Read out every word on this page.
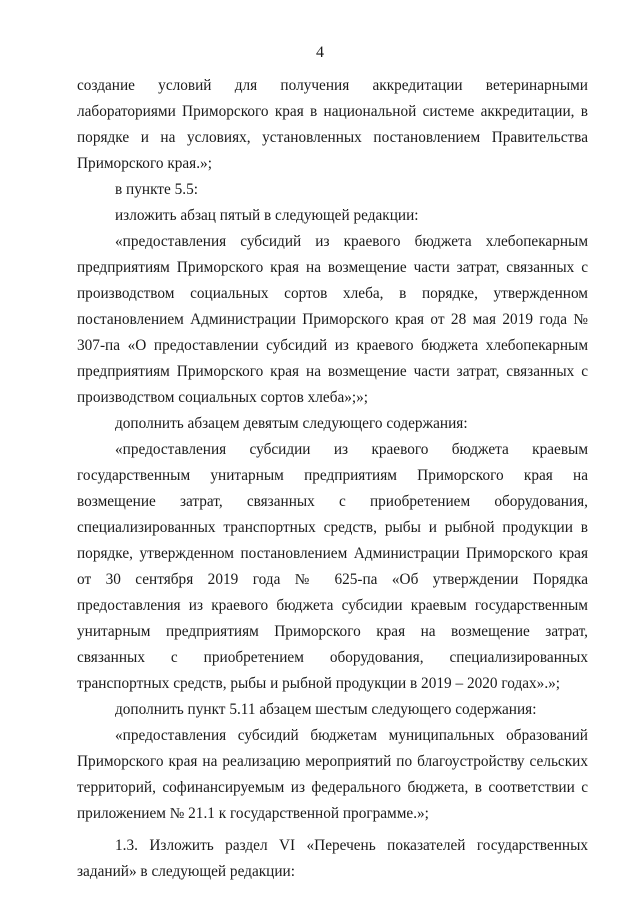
4

создание условий для получения аккредитации ветеринарными лабораториями Приморского края в национальной системе аккредитации, в порядке и на условиях, установленных постановлением Правительства Приморского края.»;

в пункте 5.5:

изложить абзац пятый в следующей редакции:

«предоставления субсидий из краевого бюджета хлебопекарным предприятиям Приморского края на возмещение части затрат, связанных с производством социальных сортов хлеба, в порядке, утвержденном постановлением Администрации Приморского края от 28 мая 2019 года № 307-па «О предоставлении субсидий из краевого бюджета хлебопекарным предприятиям Приморского края на возмещение части затрат, связанных с производством социальных сортов хлеба»;»;

дополнить абзацем девятым следующего содержания:

«предоставления субсидии из краевого бюджета краевым государственным унитарным предприятиям Приморского края на возмещение затрат, связанных с приобретением оборудования, специализированных транспортных средств, рыбы и рыбной продукции в порядке, утвержденном постановлением Администрации Приморского края от 30 сентября 2019 года № 625-па «Об утверждении Порядка предоставления из краевого бюджета субсидии краевым государственным унитарным предприятиям Приморского края на возмещение затрат, связанных с приобретением оборудования, специализированных транспортных средств, рыбы и рыбной продукции в 2019 – 2020 годах».»;

дополнить пункт 5.11 абзацем шестым следующего содержания:

«предоставления субсидий бюджетам муниципальных образований Приморского края на реализацию мероприятий по благоустройству сельских территорий, софинансируемым из федерального бюджета, в соответствии с приложением № 21.1 к государственной программе.»;

1.3. Изложить раздел VI «Перечень показателей государственных заданий» в следующей редакции:
